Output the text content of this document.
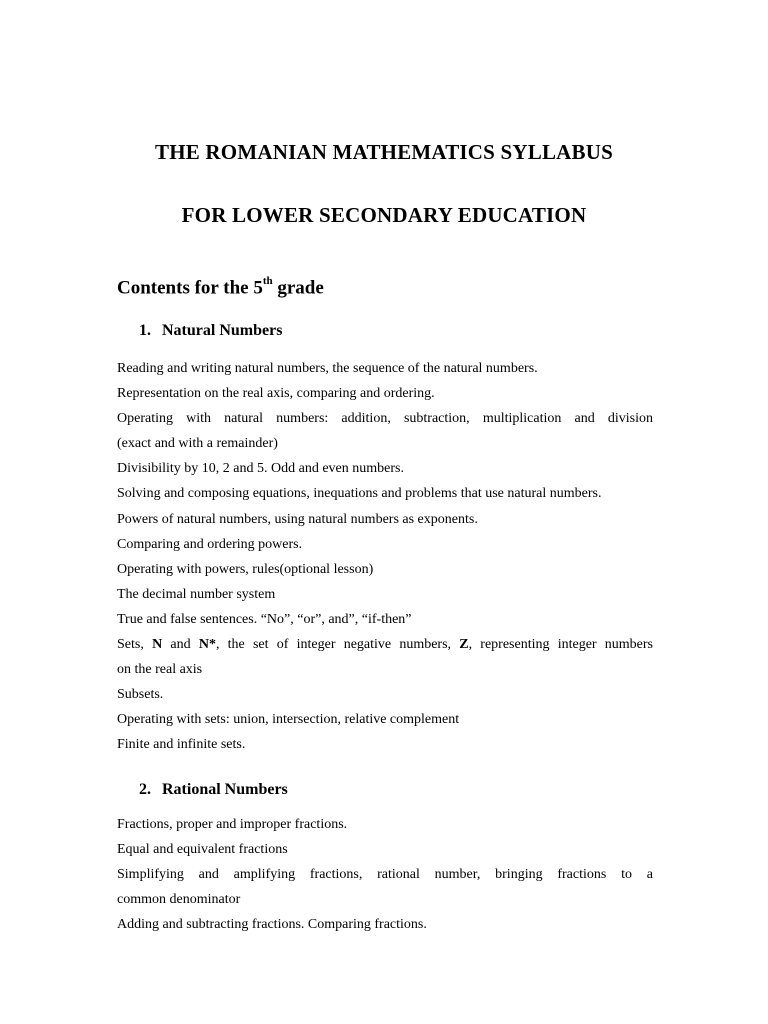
THE ROMANIAN MATHEMATICS SYLLABUS
FOR LOWER SECONDARY EDUCATION
Contents for the 5th grade
1. Natural Numbers
Reading and writing natural numbers, the sequence of the natural numbers.
Representation on the real axis, comparing and ordering.
Operating with natural numbers: addition, subtraction, multiplication and division
(exact and with a remainder)
Divisibility by 10, 2 and 5. Odd and even numbers.
Solving and composing equations, inequations and problems that use natural numbers.
Powers of natural numbers, using natural numbers as exponents.
Comparing and ordering powers.
Operating with powers, rules(optional lesson)
The decimal number system
True and false sentences. “No”, “or”, and”, “if-then”
Sets, N and N*, the set of integer negative numbers, Z, representing integer numbers
on the real axis
Subsets.
Operating with sets: union, intersection, relative complement
Finite and infinite sets.
2. Rational Numbers
Fractions, proper and improper fractions.
Equal and equivalent fractions
Simplifying and amplifying fractions, rational number, bringing fractions to a
common denominator
Adding and subtracting fractions. Comparing fractions.
